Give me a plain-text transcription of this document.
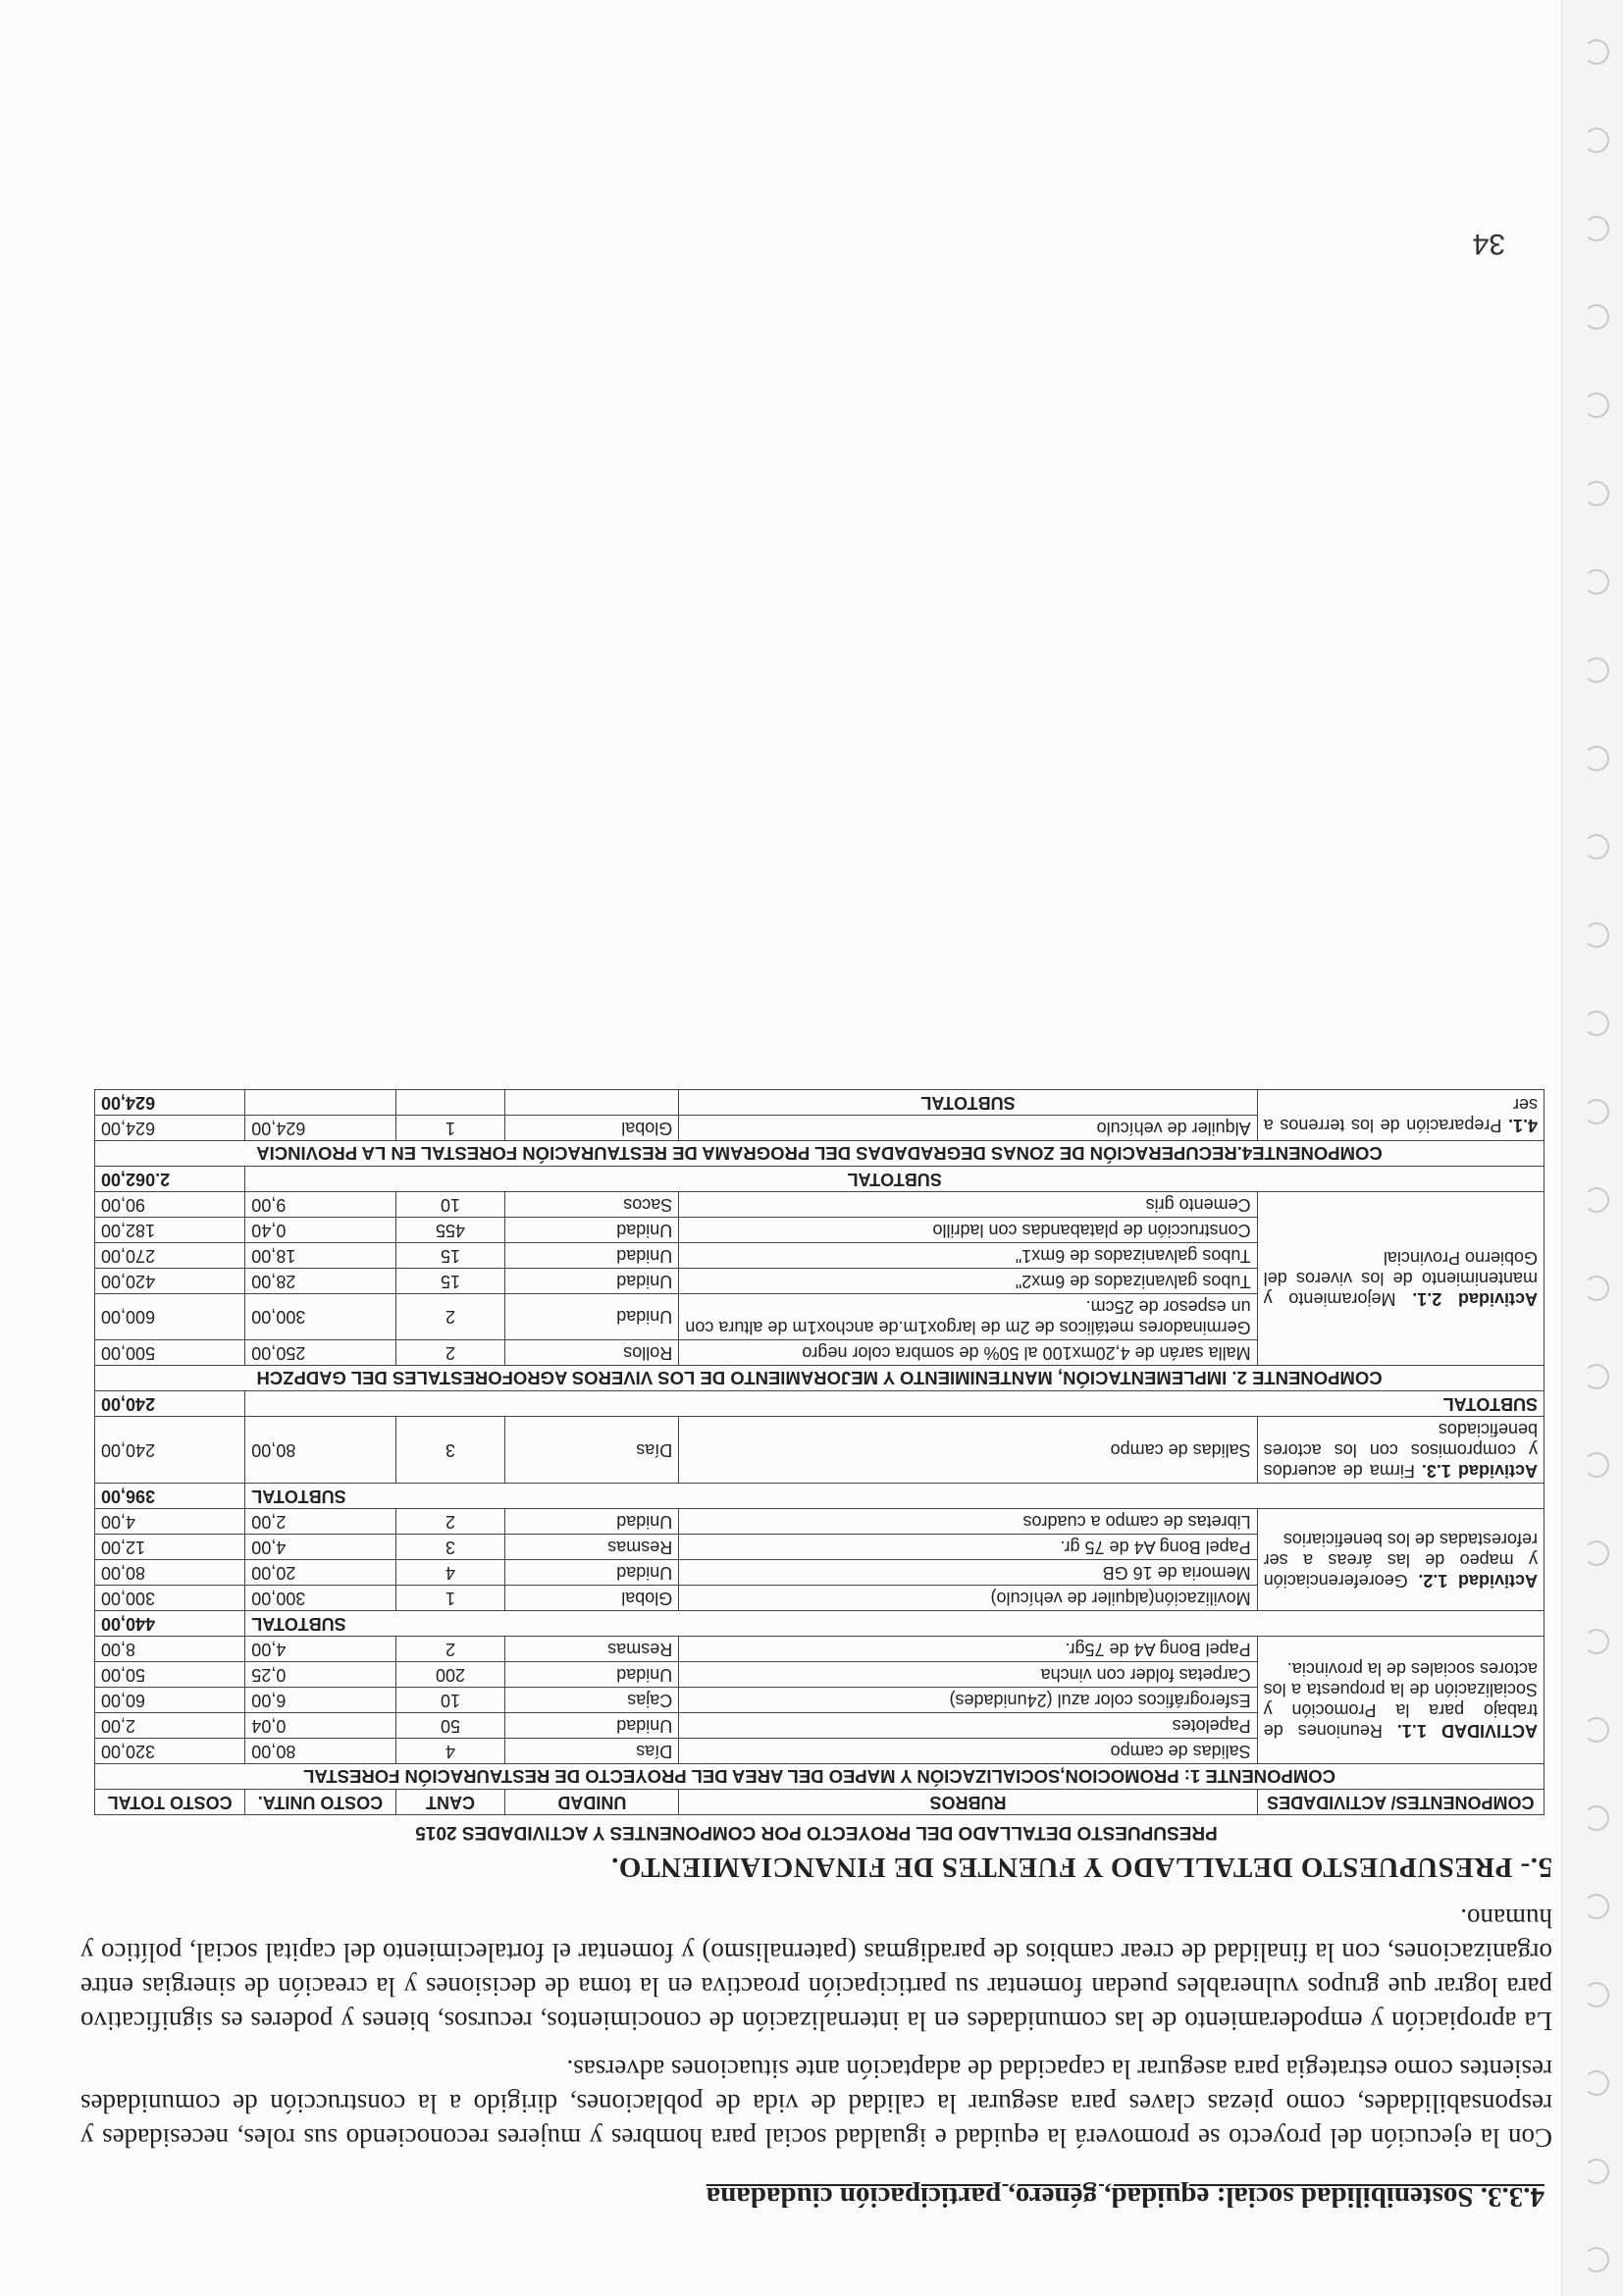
4.3.3. Sostenibilidad social: equidad, género, participación ciudadana

Con la ejecución del proyecto se promoverá la equidad e igualdad social para hombres y mujeres reconociendo sus roles, necesidades y responsabilidades, como piezas claves para asegurar la calidad de vida de poblaciones, dirigido a la construcción de comunidades resientes como estrategia para asegurar la capacidad de adaptación ante situaciones adversas.

La apropiación y empoderamiento de las comunidades en la internalización de conocimientos, recursos, bienes y poderes es significativo para lograr que grupos vulnerables puedan fomentar su participación proactiva en la toma de decisiones y la creación de sinergias entre organizaciones, con la finalidad de crear cambios de paradigmas (paternalismo) y fomentar el fortalecimiento del capital social, político y humano.

5.- PRESUPUESTO DETALLADO Y FUENTES DE FINANCIAMIENTO.
PRESUPUESTO DETALLADO DEL PROYECTO POR COMPONENTES Y ACTIVIDADES 2015
COMPONENTES/ ACTIVIDADES	RUBROS	UNIDAD	CANT	COSTO UNITA.	COSTO TOTAL
COMPONENTE 1: PROMOCION,SOCIALIZACIÓN Y MAPEO DEL AREA DEL PROYECTO DE RESTAURACIÓN FORESTAL					
ACTIVIDAD 1.1. Reuniones de trabajo para la Promoción y Socialización de la propuesta a los actores sociales de la provincia.	Salidas de campo	Días	4	80,00	320,00
	Papelotes	Unidad	50	0,04	2,00
	Esferográficos color azul (24unidades)	Cajas	10	6,00	60,00
	Carpetas folder con vincha	Unidad	200	0,25	50,00
	Papel Bong A4 de 75gr.	Resmas	2	4,00	8,00
SUBTOTAL					440,00
Actividad 1.2. Georeferenciación y mapeo de las áreas a ser reforestadas de los beneficiarios	Movilización(alquiler de vehículo)	Global	1	300,00	300,00
	Memoria de 16 GB	Unidad	4	20,00	80,00
	Papel Bong A4 de 75 gr.	Resmas	3	4,00	12,00
	Libretas de campo a cuadros	Unidad	2	2,00	4,00
SUBTOTAL					396,00
Actividad 1.3. Firma de acuerdos y compromisos con los actores beneficiados	Salidas de campo	Días	3	80,00	240,00
SUBTOTAL					240,00
COMPONENTE 2. IMPLEMENTACIÓN, MANTENIMIENTO Y MEJORAMIENTO DE LOS VIVEROS AGROFORESTALES DEL GADPZCH					
Actividad 2.1. Mejoramiento y mantenimiento de los viveros del Gobierno Provincial	Malla sarán de 4,20mx100 al 50% de sombra color negro	Rollos	2	250,00	500,00
	Germinadores metálicos de 2m de largox1m.de anchox1m de altura con un espesor de 25cm.	Unidad	2	300,00	600,00
	Tubos galvanizados de 6mx2"	Unidad	15	28,00	420,00
	Tubos galvanizados de 6mx1"	Unidad	15	18,00	270,00
	Construcción de platabandas con ladrillo	Unidad	455	0,40	182,00
	Cemento gris	Sacos	10	9,00	90,00
SUBTOTAL					2.062,00
COMPONENTE4.RECUPERACIÓN DE ZONAS DEGRADADAS DEL PROGRAMA DE RESTAURACIÓN FORESTAL EN LA PROVINCIA					
4.1. Preparación de los terrenos a ser	Alquiler de vehículo	Global	1	624,00	624,00
	SUBTOTAL				624,00
34
